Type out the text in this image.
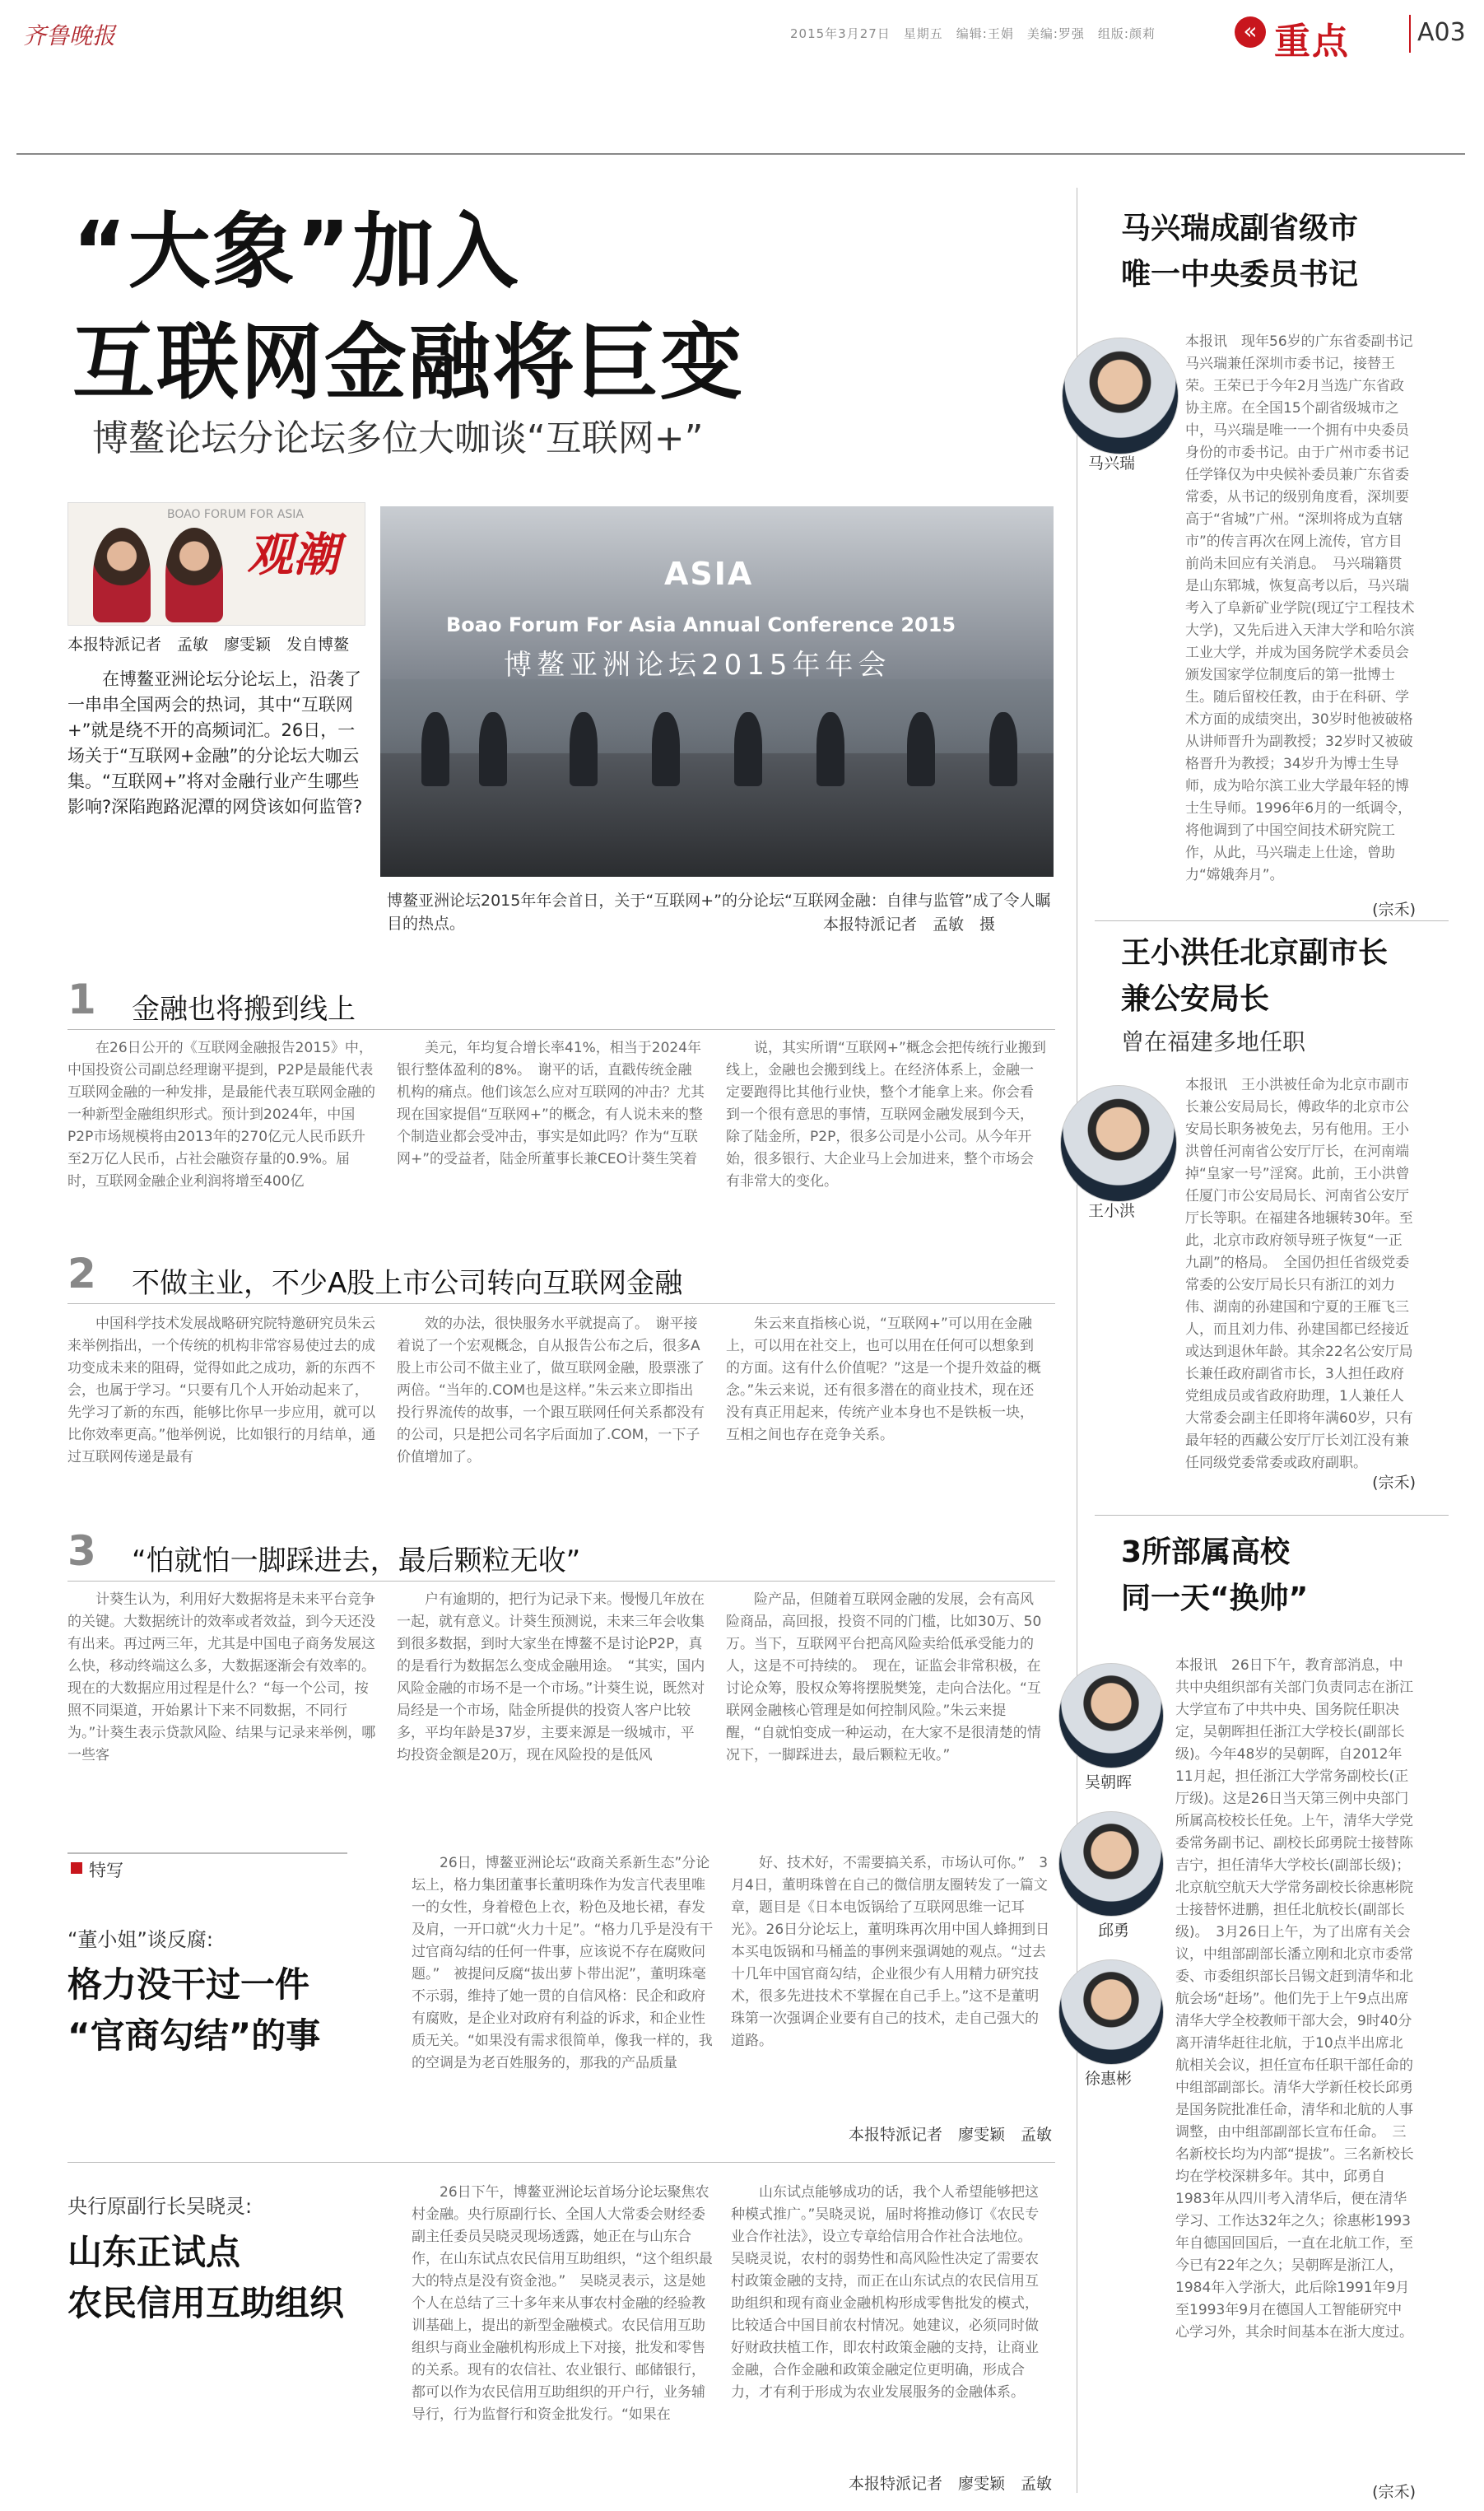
齐鲁晚报	2015年3月27日　星期五　编辑:王娟　美编:罗强　组版:颜莉	« 重点	A03
“大象”加入
互联网金融将巨变
博鳌论坛分论坛多位大咖谈“互联网+”
BOAO FORUM FOR ASIA
观潮
本报特派记者　孟敏　廖雯颖　发自博鳌
在博鳌亚洲论坛分论坛上，沿袭了一串串全国两会的热词，其中“互联网+”就是绕不开的高频词汇。26日，一场关于“互联网+金融”的分论坛大咖云集。“互联网+”将对金融行业产生哪些影响?深陷跑路泥潭的网贷该如何监管?
ASIA
Boao Forum For Asia Annual Conference 2015
博鳌亚洲论坛2015年年会
博鳌亚洲论坛2015年年会首日，关于“互联网+”的分论坛“互联网金融：自律与监管”成了令人瞩目的热点。	本报特派记者　孟敏　摄
1 金融也将搬到线上
在26日公开的《互联网金融报告2015》中，中国投资公司副总经理谢平提到，P2P是最能代表互联网金融的一种发排，是最能代表互联网金融的一种新型金融组织形式。预计到2024年，中国P2P市场规模将由2013年的270亿元人民币跃升至2万亿人民币，占社会融资存量的0.9%。届时，互联网金融企业利润将增至400亿
美元，年均复合增长率41%，相当于2024年银行整体盈利的8%。　谢平的话，直戳传统金融机构的痛点。他们该怎么应对互联网的冲击？尤其现在国家提倡“互联网+”的概念，有人说未来的整个制造业都会受冲击，事实是如此吗？作为“互联网+”的受益者，陆金所董事长兼CEO计葵生笑着
说，其实所谓“互联网+”概念会把传统行业搬到线上，金融也会搬到线上。在经济体系上，金融一定要跑得比其他行业快，整个才能拿上来。你会看到一个很有意思的事情，互联网金融发展到今天，除了陆金所，P2P，很多公司是小公司。从今年开始，很多银行、大企业马上会加进来，整个市场会有非常大的变化。
2 不做主业，不少A股上市公司转向互联网金融
中国科学技术发展战略研究院特邀研究员朱云来举例指出，一个传统的机构非常容易使过去的成功变成未来的阻碍，觉得如此之成功，新的东西不会，也属于学习。“只要有几个人开始动起来了，先学习了新的东西，能够比你早一步应用，就可以比你效率更高。”他举例说，比如银行的月结单，通过互联网传递是最有
效的办法，很快服务水平就提高了。　谢平接着说了一个宏观概念，自从报告公布之后，很多A股上市公司不做主业了，做互联网金融，股票涨了两倍。“当年的.COM也是这样。”朱云来立即指出投行界流传的故事，一个跟互联网任何关系都没有的公司，只是把公司名字后面加了.COM，一下子价值增加了。
朱云来直指核心说，“互联网+”可以用在金融上，可以用在社交上，也可以用在任何可以想象到的方面。这有什么价值呢？”这是一个提升效益的概念。”朱云来说，还有很多潜在的商业技术，现在还没有真正用起来，传统产业本身也不是铁板一块，互相之间也存在竞争关系。
3 “怕就怕一脚踩进去，最后颗粒无收”
计葵生认为，利用好大数据将是未来平台竞争的关键。大数据统计的效率或者效益，到今天还没有出来。再过两三年，尤其是中国电子商务发展这么快，移动终端这么多，大数据逐渐会有效率的。　现在的大数据应用过程是什么？“每一个公司，按照不同渠道，开始累计下来不同数据，不同行为。”计葵生表示贷款风险、结果与记录来举例，哪一些客
户有逾期的，把行为记录下来。慢慢几年放在一起，就有意义。计葵生预测说，未来三年会收集到很多数据，到时大家坐在博鳌不是讨论P2P，真的是看行为数据怎么变成金融用途。　“其实，国内风险金融的市场不是一个市场。”计葵生说，既然对局经是一个市场，陆金所提供的投资人客户比较多，平均年龄是37岁，主要来源是一级城市，平均投资金额是20万，现在风险投的是低风
险产品，但随着互联网金融的发展，会有高风险商品，高回报，投资不同的门槛，比如30万、50万。当下，互联网平台把高风险卖给低承受能力的人，这是不可持续的。　现在，证监会非常积极，在讨论众筹，股权众筹将摆脱樊笼，走向合法化。“互联网金融核心管理是如何控制风险。”朱云来提醒，“自就怕变成一种运动，在大家不是很清楚的情况下，一脚踩进去，最后颗粒无收。”
特写
“董小姐”谈反腐:
格力没干过一件
“官商勾结”的事
26日，博鳌亚洲论坛“政商关系新生态”分论坛上，格力集团董事长董明珠作为发言代表里唯一的女性，身着橙色上衣，粉色及地长裙，春发及肩，一开口就“火力十足”。“格力几乎是没有干过官商勾结的任何一件事，应该说不存在腐败问题。”　被提问反腐“拔出萝卜带出泥”，董明珠毫不示弱，维持了她一贯的自信风格：民企和政府有腐败，是企业对政府有利益的诉求，和企业性质无关。“如果没有需求很简单，像我一样的，我的空调是为老百姓服务的，那我的产品质量
好、技术好，不需要搞关系，市场认可你。”　3月4日，董明珠曾在自己的微信朋友圈转发了一篇文章，题目是《日本电饭锅给了互联网思维一记耳光》。26日分论坛上，董明珠再次用中国人蜂拥到日本买电饭锅和马桶盖的事例来强调她的观点。“过去十几年中国官商勾结，企业很少有人用精力研究技术，很多先进技术不掌握在自己手上。”这不是董明珠第一次强调企业要有自己的技术，走自己强大的道路。
本报特派记者　廖雯颖　孟敏
央行原副行长吴晓灵:
山东正试点
农民信用互助组织
26日下午，博鳌亚洲论坛首场分论坛聚焦农村金融。央行原副行长、全国人大常委会财经委副主任委员吴晓灵现场透露，她正在与山东合作，在山东试点农民信用互助组织，“这个组织最大的特点是没有资金池。”　吴晓灵表示，这是她个人在总结了三十多年来从事农村金融的经验教训基础上，提出的新型金融模式。农民信用互助组织与商业金融机构形成上下对接，批发和零售的关系。现有的农信社、农业银行、邮储银行，都可以作为农民信用互助组织的开户行，业务辅导行，行为监督行和资金批发行。“如果在
山东试点能够成功的话，我个人希望能够把这种模式推广。”吴晓灵说，届时将推动修订《农民专业合作社法》，设立专章给信用合作社合法地位。　吴晓灵说，农村的弱势性和高风险性决定了需要农村政策金融的支持，而正在山东试点的农民信用互助组织和现有商业金融机构形成零售批发的模式，比较适合中国目前农村情况。她建议，必须同时做好财政扶植工作，即农村政策金融的支持，让商业金融，合作金融和政策金融定位更明确，形成合力，才有利于形成为农业发展服务的金融体系。
本报特派记者　廖雯颖　孟敏
马兴瑞成副省级市
唯一中央委员书记
马兴瑞
本报讯　现年56岁的广东省委副书记马兴瑞兼任深圳市委书记，接替王荣。王荣已于今年2月当选广东省政协主席。在全国15个副省级城市之中，马兴瑞是唯一一个拥有中央委员身份的市委书记。由于广州市委书记任学锋仅为中央候补委员兼广东省委常委，从书记的级别角度看，深圳要高于“省城”广州。“深圳将成为直辖市”的传言再次在网上流传，官方目前尚未回应有关消息。　马兴瑞籍贯是山东郓城，恢复高考以后，马兴瑞考入了阜新矿业学院(现辽宁工程技术大学)，又先后进入天津大学和哈尔滨工业大学，并成为国务院学术委员会颁发国家学位制度后的第一批博士生。随后留校任教，由于在科研、学术方面的成绩突出，30岁时他被破格从讲师晋升为副教授；32岁时又被破格晋升为教授；34岁升为博士生导师，成为哈尔滨工业大学最年轻的博士生导师。1996年6月的一纸调令，将他调到了中国空间技术研究院工作，从此，马兴瑞走上仕途，曾助力“嫦娥奔月”。
(宗禾)
王小洪任北京副市长
兼公安局长
曾在福建多地任职
王小洪
本报讯　王小洪被任命为北京市副市长兼公安局局长，傅政华的北京市公安局长职务被免去，另有他用。王小洪曾任河南省公安厅厅长，在河南端掉“皇家一号”淫窝。此前，王小洪曾任厦门市公安局局长、河南省公安厅厅长等职。在福建各地辗转30年。至此，北京市政府领导班子恢复“一正九副”的格局。　全国仍担任省级党委常委的公安厅局长只有浙江的刘力伟、湖南的孙建国和宁夏的王雁飞三人，而且刘力伟、孙建国都已经接近或达到退休年龄。其余22名公安厅局长兼任政府副省市长，3人担任政府党组成员或省政府助理，1人兼任人大常委会副主任即将年满60岁，只有最年轻的西藏公安厅厅长刘江没有兼任同级党委常委或政府副职。
(宗禾)
3所部属高校
同一天“换帅”
吴朝晖
邱勇
徐惠彬
本报讯　26日下午，教育部消息，中共中央组织部有关部门负责同志在浙江大学宣布了中共中央、国务院任职决定，吴朝晖担任浙江大学校长(副部长级)。今年48岁的吴朝晖，自2012年11月起，担任浙江大学常务副校长(正厅级)。这是26日当天第三例中央部门所属高校校长任免。上午，清华大学党委常务副书记、副校长邱勇院士接替陈吉宁，担任清华大学校长(副部长级)；北京航空航天大学常务副校长徐惠彬院士接替怀进鹏，担任北航校长(副部长级)。　3月26日上午，为了出席有关会议，中组部副部长潘立刚和北京市委常委、市委组织部长吕锡文赶到清华和北航会场“赶场”。他们先于上午9点出席清华大学全校教师干部大会，9时40分离开清华赶往北航，于10点半出席北航相关会议，担任宣布任职干部任命的中组部副部长。清华大学新任校长邱勇是国务院批准任命，清华和北航的人事调整，由中组部副部长宣布任命。　三名新校长均为内部“提拔”。三名新校长均在学校深耕多年。其中，邱勇自1983年从四川考入清华后，便在清华学习、工作达32年之久；徐惠彬1993年自德国回国后，一直在北航工作，至今已有22年之久；吴朝晖是浙江人，1984年入学浙大，此后除1991年9月至1993年9月在德国人工智能研究中心学习外，其余时间基本在浙大度过。
(宗禾)
